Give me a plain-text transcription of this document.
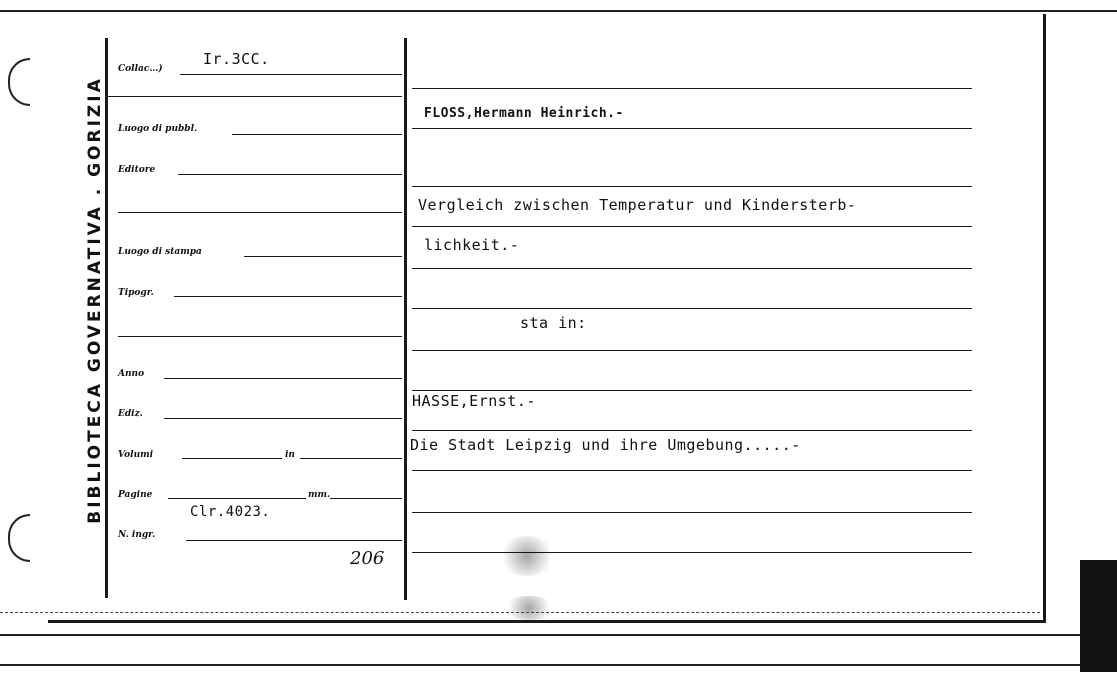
BIBLIOTECA GOVERNATIVA . GORIZIA
Collac…)
Ir.3CC.
Luogo di pubbl.
Editore
Luogo di stampa
Tipogr.
Anno
Ediz.
Volumi	in
Pagine	mm.
Clr.4023.
N. ingr.
206
FLOSS,Hermann Heinrich.-
Vergleich zwischen Temperatur und Kindersterb-
lichkeit.-
sta in:
HASSE,Ernst.-
Die Stadt Leipzig und ihre Umgebung.....-
